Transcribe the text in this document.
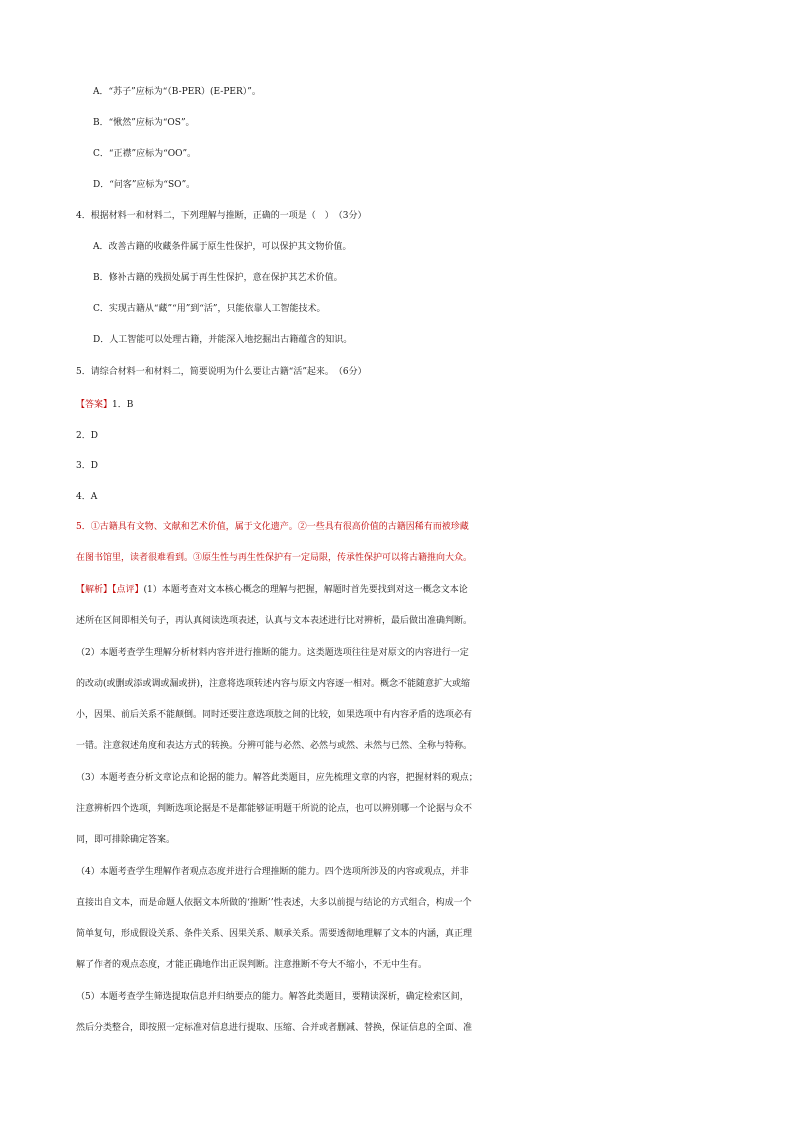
A．“苏子”应标为“（B-PER）(E-PER）”。
B．“愀然”应标为“OS”。
C．“正襟”应标为“OO”。
D．“问客”应标为“SO”。
4．根据材料一和材料二，下列理解与推断，正确的一项是（　）　（3分）
A．改善古籍的收藏条件属于原生性保护，可以保护其文物价值。
B．修补古籍的残损处属于再生性保护，意在保护其艺术价值。
C．实现古籍从“藏”“用”到“活”，只能依靠人工智能技术。
D．人工智能可以处理古籍，并能深入地挖掘出古籍蕴含的知识。
5．请综合材料一和材料二，简要说明为什么要让古籍“活”起来。　（6分）
【答案】1．B
2．D
3．D
4．A
5．①古籍具有文物、文献和艺术价值，属于文化遗产。②一些具有很高价值的古籍因稀有而被珍藏
在图书馆里，读者很难看到。③原生性与再生性保护有一定局限，传承性保护可以将古籍推向大众。
【解析】【点评】(1）本题考查对文本核心概念的理解与把握，解题时首先要找到对这一概念文本论
述所在区间即相关句子，再认真阅读选项表述，认真与文本表述进行比对辨析，最后做出准确判断。
（2）本题考查学生理解分析材料内容并进行推断的能力。这类题选项往往是对原文的内容进行一定
的改动(或删或添或调或漏或拼)，注意将选项转述内容与原文内容逐一相对。概念不能随意扩大或缩
小，因果、前后关系不能颠倒。同时还要注意选项肢之间的比较，如果选项中有内容矛盾的选项必有
一错。注意叙述角度和表达方式的转换。分辨可能与必然、必然与或然、未然与已然、全称与特称。
（3）本题考查分析文章论点和论据的能力。解答此类题目，应先梳理文章的内容，把握材料的观点；
注意辨析四个选项，判断选项论据是不是都能够证明题干所说的论点，也可以辨别哪一个论据与众不
同，即可排除确定答案。
（4）本题考查学生理解作者观点态度并进行合理推断的能力。四个选项所涉及的内容或观点，并非
直接出自文本，而是命题人依据文本所做的‘推断’’性表述，大多以前提与结论的方式组合，构成一个
简单复句，形成假设关系、条件关系、因果关系、顺承关系。需要透彻地理解了文本的内涵，真正理
解了作者的观点态度，才能正确地作出正误判断。注意推断不夸大不缩小，不无中生有。
（5）本题考查学生筛选提取信息并归纳要点的能力。解答此类题目，要精读深析，确定检索区间，
然后分类整合，即按照一定标准对信息进行提取、压缩、合并或者删减、替换，保证信息的全面、准
